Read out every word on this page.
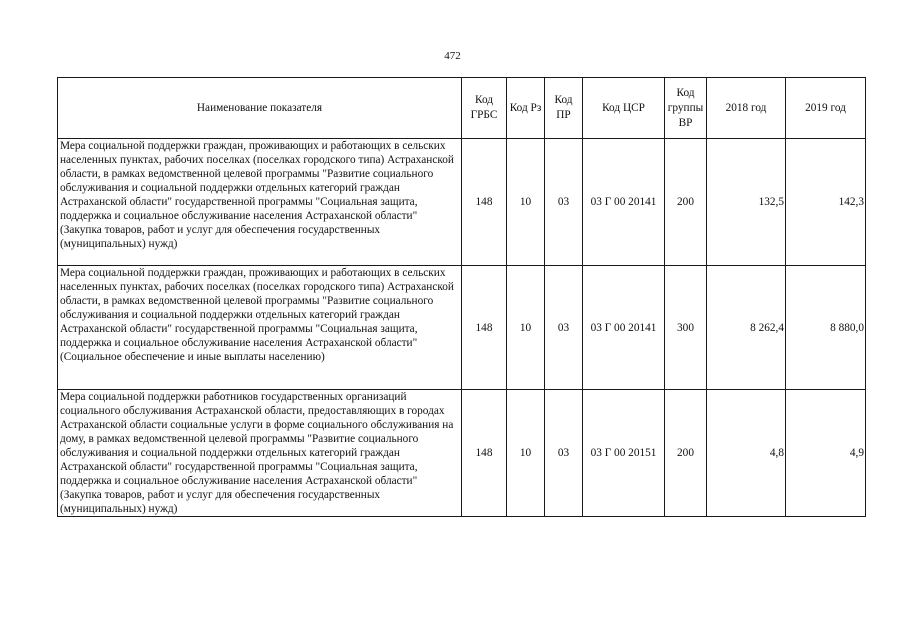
472
Наименование показателя	Код ГРБС	Код Рз	Код ПР	Код ЦСР	Код группы ВР	2018 год	2019 год
Мера социальной поддержки граждан, проживающих и работающих в сельских населенных пунктах, рабочих поселках (поселках городского типа) Астраханской области, в рамках ведомственной целевой программы "Развитие социального обслуживания и социальной поддержки отдельных категорий граждан Астраханской области" государственной программы "Социальная защита, поддержка и социальное обслуживание населения Астраханской области" (Закупка товаров, работ и услуг для обеспечения государственных (муниципальных) нужд)	148	10	03	03 Г 00 20141	200	132,5	142,3
Мера социальной поддержки граждан, проживающих и работающих в сельских населенных пунктах, рабочих поселках (поселках городского типа) Астраханской области, в рамках ведомственной целевой программы "Развитие социального обслуживания и социальной поддержки отдельных категорий граждан Астраханской области" государственной программы "Социальная защита, поддержка и социальное обслуживание населения Астраханской области" (Социальное обеспечение и иные выплаты населению)	148	10	03	03 Г 00 20141	300	8 262,4	8 880,0
Мера социальной поддержки работников государственных организаций социального обслуживания Астраханской области, предоставляющих в городах Астраханской области социальные услуги в форме социального обслуживания на дому, в рамках ведомственной целевой программы "Развитие социального обслуживания и социальной поддержки отдельных категорий граждан Астраханской области" государственной программы "Социальная защита, поддержка и социальное обслуживание населения Астраханской области" (Закупка товаров, работ и услуг для обеспечения государственных (муниципальных) нужд)	148	10	03	03 Г 00 20151	200	4,8	4,9
